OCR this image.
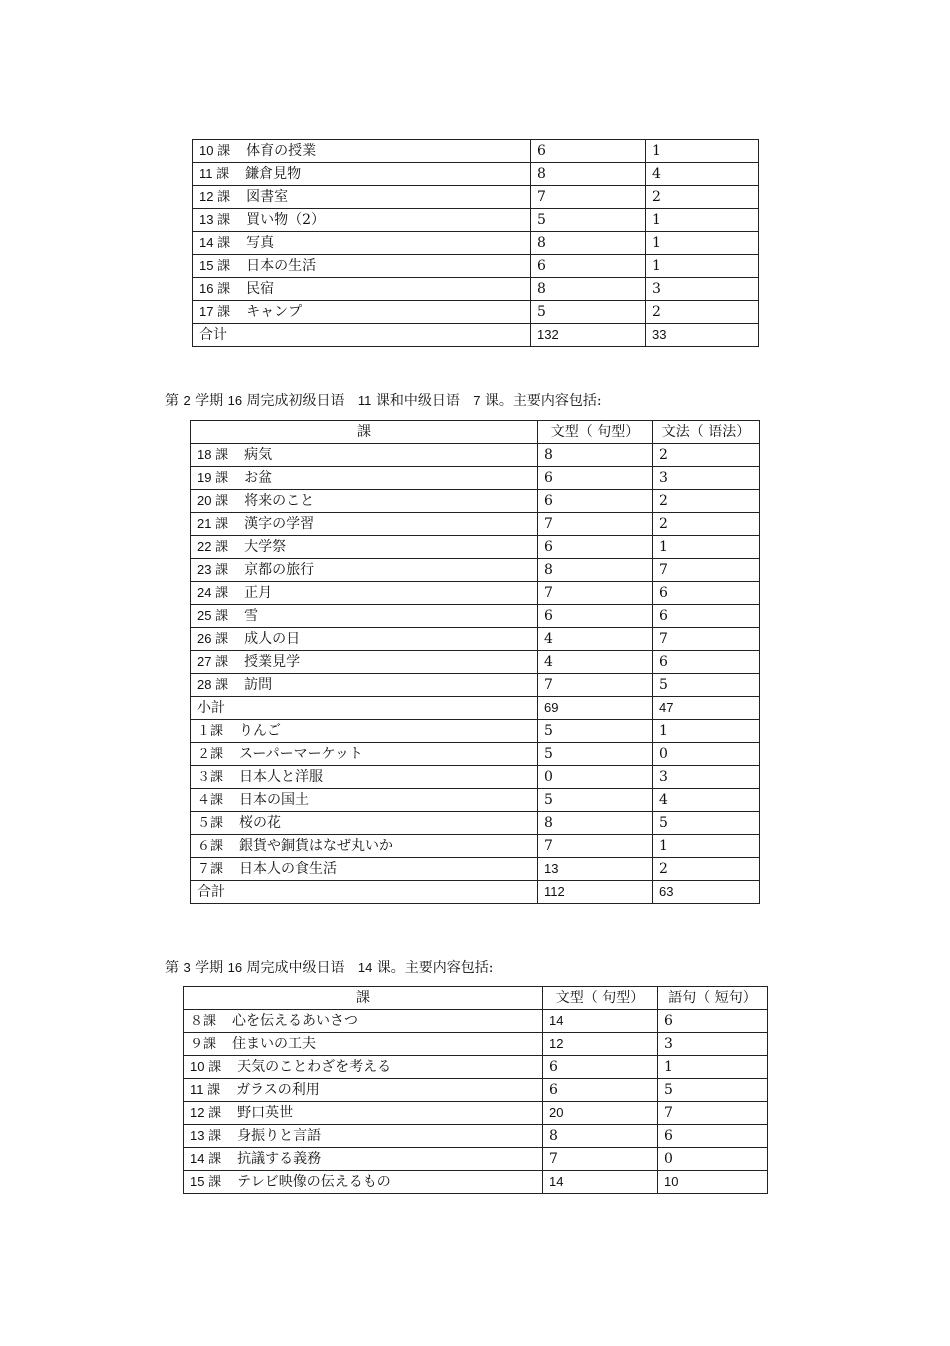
10 課 体育の授業	6	1
11 課 鎌倉見物	8	4
12 課 図書室	7	2
13 課 買い物（2）	5	1
14 課 写真	8	1
15 課 日本の生活	6	1
16 課 民宿	8	3
17 課 キャンプ	5	2
合计	132	33
第 2 学期 16 周完成初级日语 11 课和中级日语 7 课。主要内容包括:
課	文型（ 句型）	文法（ 语法）
18 課 病気	8	2
19 課 お盆	6	3
20 課 将来のこと	6	2
21 課 漢字の学習	7	2
22 課 大学祭	6	1
23 課 京都の旅行	8	7
24 課 正月	7	6
25 課 雪	6	6
26 課 成人の日	4	7
27 課 授業見学	4	6
28 課 訪問	7	5
小計	69	47
１課 りんご	5	1
２課 スーパーマーケット	5	0
３課 日本人と洋服	0	3
４課 日本の国土	5	4
５課 桜の花	8	5
６課 銀貨や銅貨はなぜ丸いか	7	1
７課 日本人の食生活	13	2
合計	112	63
第 3 学期 16 周完成中级日语 14 课。主要内容包括:
課	文型（ 句型）	語句（ 短句）
８課 心を伝えるあいさつ	14	6
９課 住まいの工夫	12	3
10 課 天気のことわざを考える	6	1
11 課 ガラスの利用	6	5
12 課 野口英世	20	7
13 課 身振りと言語	8	6
14 課 抗議する義務	7	0
15 課 テレビ映像の伝えるもの	14	10
